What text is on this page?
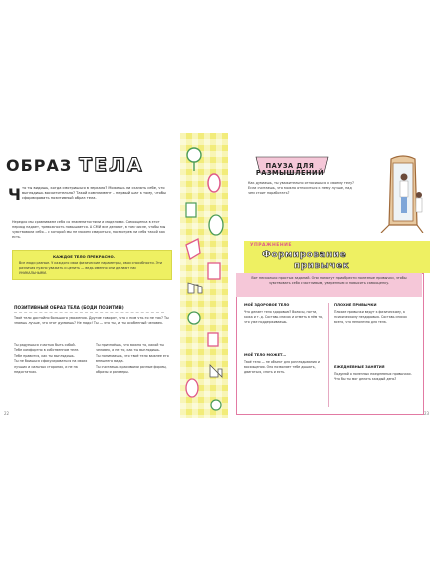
ОБРАЗ ТЕЛА
Ч то ты видишь, когда смотришься в зеркало? Можешь ли сказать себе, что выглядишь восхитительно? Такой комплимент – первый шаг к тому, чтобы сформировать позитивный образ тела.
Нередко мы сравниваем себя со знаменитостями и моделями. Самооценка в этот период падает, тревожность повышается. А СМИ все делают, в том числе, чтобы мы чувствовали себя… с которой мы не можем смириться, посмотрев ли себя такой как есть.
КАЖДОЕ ТЕЛО ПРЕКРАСНО.
Все люди разные. У каждого свои физические параметры, свои способности. Эти различия нужно уважать и ценить — ведь именно они делают нас УНИКАЛЬНЫМИ.
ПОЗИТИВНЫЙ ОБРАЗ ТЕЛА (БОДИ ПОЗИТИВ)
Твоё тело достойно большого уважения. Другие говорят, что с ним что-то не так? Ты знаешь лучше, что этот думаешь? Не надо! Ты — это ты, и ты особенный человек.
Ты радуешься счастью быть собой.
Тебе комфортно в собственном теле.
Тебе нравится, как ты выглядишь.
Ты не боишься сфокусироваться на своих лучших и сильных сторонах, и не на недостатках.
Ты признаёшь, что важно то, какой ты человек, а не то, как ты выглядишь.
Ты понимаешь, что твоё тело важнее его внешнего вида.
Ты считаешь красивыми разные формы, образы и размеры.
22
ПАУЗА ДЛЯ РАЗМЫШЛЕНИЙ
Как думаешь, ты уважительно относишься к своему телу? Если считаешь, что можно относиться к нему лучше, над чем стоит поработать?
УПРАЖНЕНИЕ
Формирование
привычек
Вот несколько простых заданий. Они помогут приобрести полезные привычки, чтобы чувствовать себя счастливым, уверенным и повысить самооценку.
МОЁ ЗДОРОВОЕ ТЕЛО
Что делает тело здоровым? Волосы, ногти, кожа и т. д. Составь список и отметь в нём то, что уже поддерживаешь.
МОЁ ТЕЛО МОЖЕТ…
Твоё тело — не объект для разглядывания и восхищения. Оно позволяет тебе дышать, двигаться, спать и есть.
ПЛОХИЕ ПРИВЫЧКИ
Плохие привычки ведут к физическому, а психическому нездоровью. Составь список всего, что неполезно для тела.
ЕЖЕДНЕВНЫЕ ЗАНЯТИЯ
Подумай о полезных ежедневных привычках. Что бы ты мог делать каждый день?
23
